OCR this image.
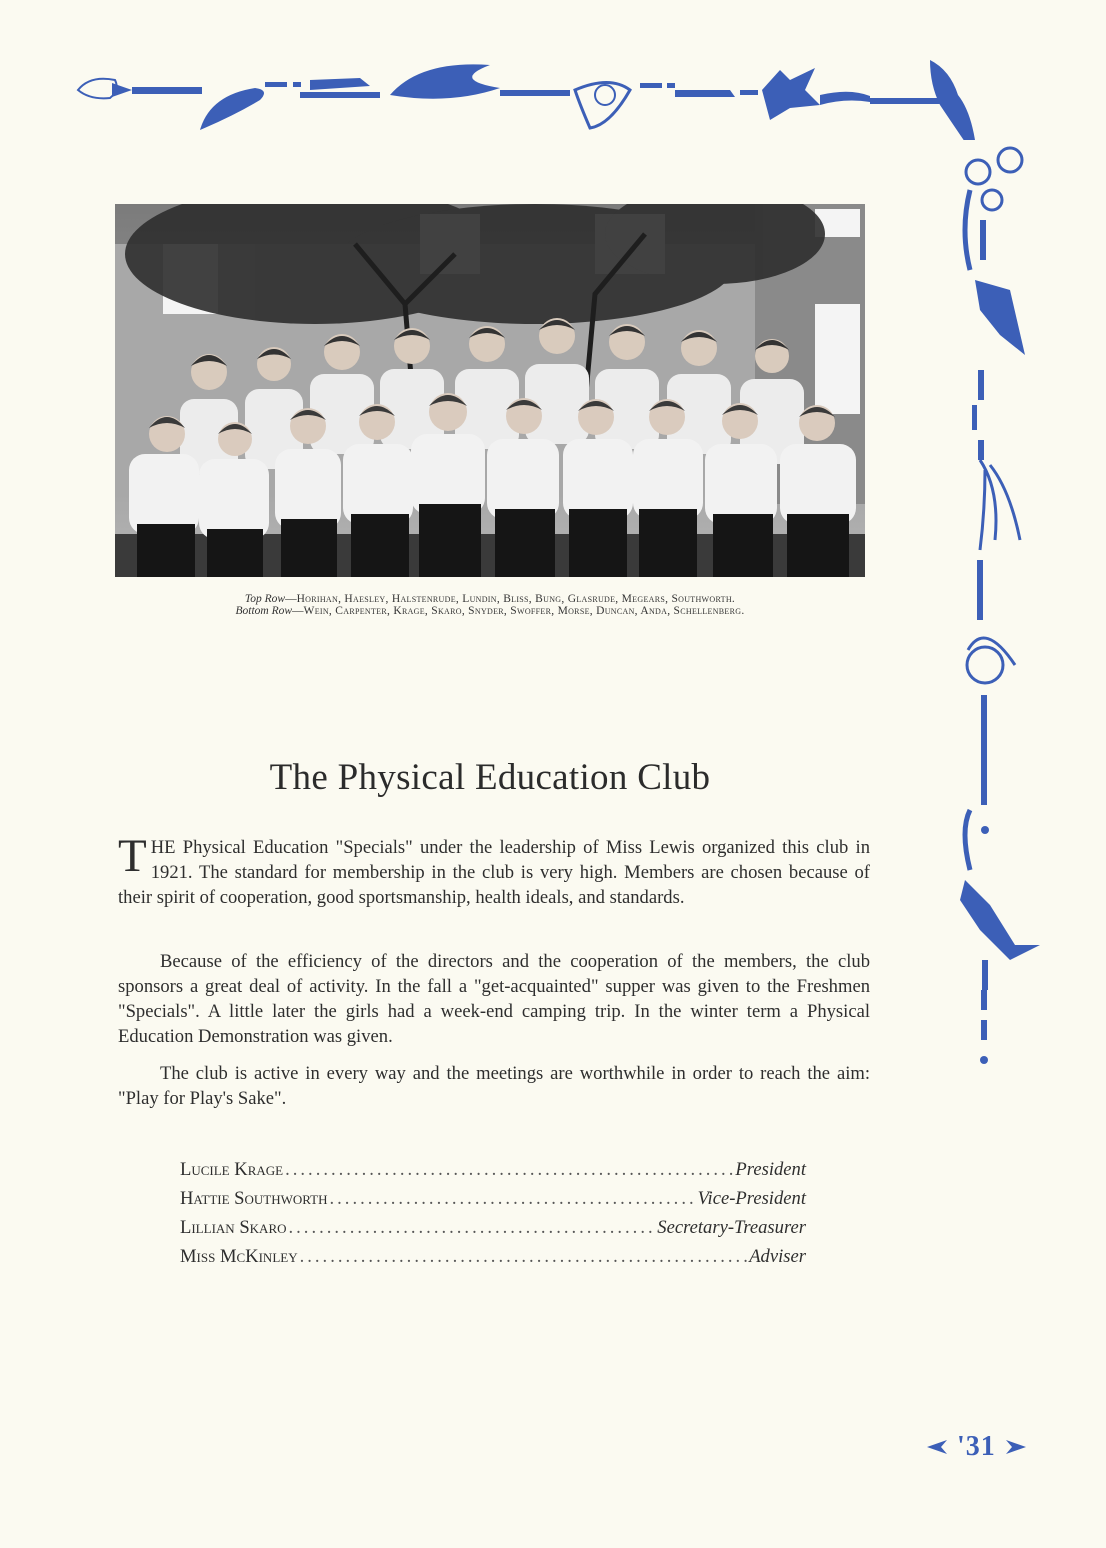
Top Row—Horihan, Haesley, Halstenrude, Lundin, Bliss, Bung, Glasrude, Megears, Southworth.
Bottom Row—Wein, Carpenter, Krage, Skaro, Snyder, Swoffer, Morse, Duncan, Anda, Schellenberg.
The Physical Education Club
THE Physical Education "Specials" under the leadership of Miss Lewis organized this club in 1921. The standard for membership in the club is very high. Members are chosen because of their spirit of cooperation, good sportsmanship, health ideals, and standards.
Because of the efficiency of the directors and the cooperation of the members, the club sponsors a great deal of activity. In the fall a "get-acquainted" supper was given to the Freshmen "Specials". A little later the girls had a week-end camping trip. In the winter term a Physical Education Demonstration was given.
The club is active in every way and the meetings are worthwhile in order to reach the aim: "Play for Play's Sake".
Lucile Krage .....	President
Hattie Southworth .....	Vice-President
Lillian Skaro .....	Secretary-Treasurer
Miss McKinley .....	Adviser
'31
